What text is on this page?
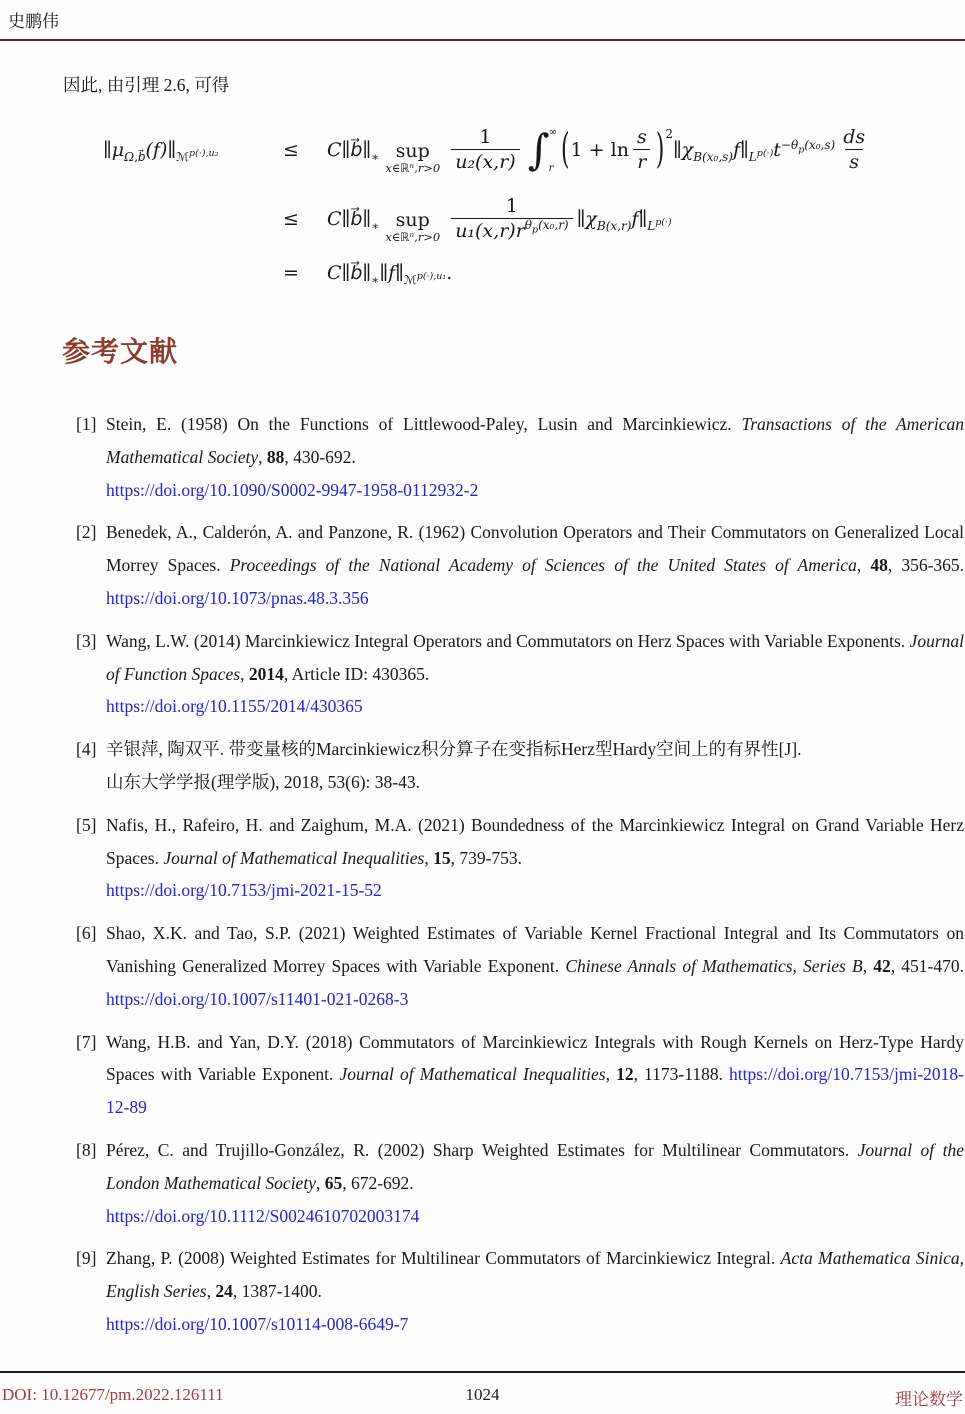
史鹏伟
因此, 由引理 2.6, 可得
$\parallel\mu_{\Omega,b⃗}(f)\parallel_{ℳ^{p(\cdot),u_2}}$	≤	$C\parallel b⃗\parallel_∗$ sup
x∈ℝⁿ,r>0 $\frac{1}{\text{u₂(x,r)}} \int^\infty$
$_r$ ( $1 + \ln \frac{s}{r} )^2$
$\parallel\chi_{B(x_0,s)}f\parallel_{L^{p(\cdot)}}t^{-\theta_p(x_0,s)} \frac{ds}{s}$
≤	$C\parallel b⃗\parallel_∗$ sup
x∈ℝⁿ,r>0 $\frac{1}{u_1(x,r)r^{\theta_p(x_0,r)}}$ $\parallel\chi_{B(x,r)}f\parallel_{L^{p(\cdot)}}$
=	$C\parallel b⃗\parallel_∗\parallel f\parallel_{ℳ^{p(\cdot),u_1}}$.
参考文献
[1] Stein, E. (1958) On the Functions of Littlewood-Paley, Lusin and Marcinkiewicz. Transactions of the American Mathematical Society, 88, 430-692.
https://doi.org/10.1090/S0002-9947-1958-0112932-2
[2] Benedek, A., Calderón, A. and Panzone, R. (1962) Convolution Operators and Their Commutators on Generalized Local Morrey Spaces. Proceedings of the National Academy of Sciences of the United States of America, 48, 356-365. https://doi.org/10.1073/pnas.48.3.356
[3] Wang, L.W. (2014) Marcinkiewicz Integral Operators and Commutators on Herz Spaces with Variable Exponents. Journal of Function Spaces, 2014, Article ID: 430365.
https://doi.org/10.1155/2014/430365
[4] 辛银萍, 陶双平. 带变量核的Marcinkiewicz积分算子在变指标Herz型Hardy空间上的有界性[J].
山东大学学报(理学版), 2018, 53(6): 38-43.
[5] Nafis, H., Rafeiro, H. and Zaighum, M.A. (2021) Boundedness of the Marcinkiewicz Integral on Grand Variable Herz Spaces. Journal of Mathematical Inequalities, 15, 739-753.
https://doi.org/10.7153/jmi-2021-15-52
[6] Shao, X.K. and Tao, S.P. (2021) Weighted Estimates of Variable Kernel Fractional Integral and Its Commutators on Vanishing Generalized Morrey Spaces with Variable Exponent. Chinese Annals of Mathematics, Series B, 42, 451-470. https://doi.org/10.1007/s11401-021-0268-3
[7] Wang, H.B. and Yan, D.Y. (2018) Commutators of Marcinkiewicz Integrals with Rough Kernels on Herz-Type Hardy Spaces with Variable Exponent. Journal of Mathematical Inequalities, 12, 1173-1188. https://doi.org/10.7153/jmi-2018-12-89
[8] Pérez, C. and Trujillo-González, R. (2002) Sharp Weighted Estimates for Multilinear Commutators. Journal of the London Mathematical Society, 65, 672-692.
https://doi.org/10.1112/S0024610702003174
[9] Zhang, P. (2008) Weighted Estimates for Multilinear Commutators of Marcinkiewicz Integral. Acta Mathematica Sinica, English Series, 24, 1387-1400.
https://doi.org/10.1007/s10114-008-6649-7
DOI: 10.12677/pm.2022.126111	1024	理论数学
